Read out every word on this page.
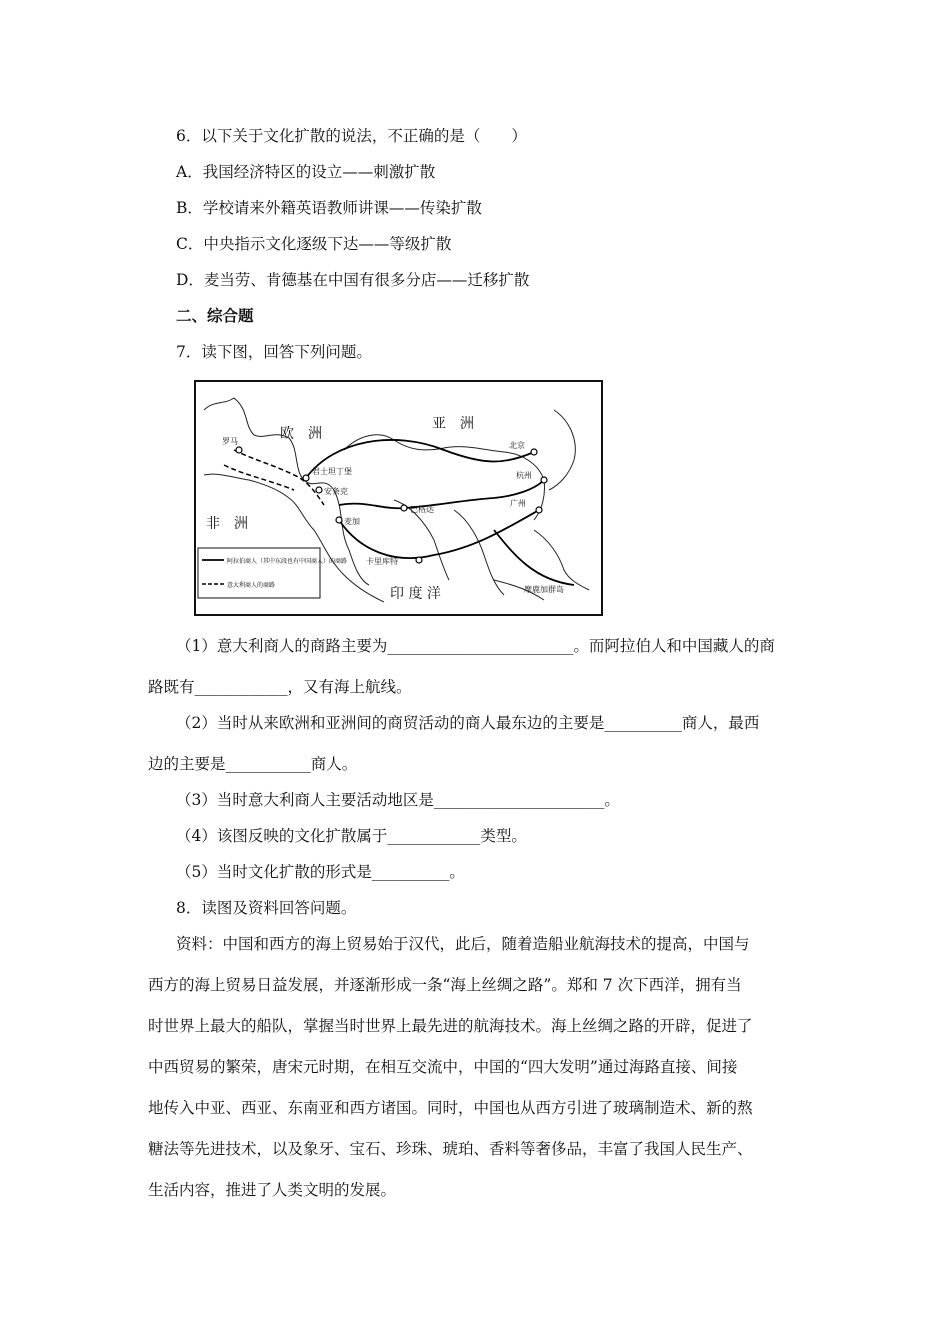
6．以下关于文化扩散的说法，不正确的是（　　）
A．我国经济特区的设立——刺激扩散
B．学校请来外籍英语教师讲课——传染扩散
C．中央指示文化逐级下达——等级扩散
D．麦当劳、肯德基在中国有很多分店——迁移扩散
二、综合题
7．读下图，回答下列问题。
亚　洲
欧　洲
非　洲
印 度 洋
罗马
君士坦丁堡
安条克
巴格达
麦加
北京
杭州
广州
卡里库特
摩鹿加群岛
阿拉伯商人（其中东段也有中国商人）的商路
意大利商人的商路
（1）意大利商人的商路主要为________________________。而阿拉伯人和中国藏人的商
路既有____________，又有海上航线。
（2）当时从来欧洲和亚洲间的商贸活动的商人最东边的主要是__________商人，最西
边的主要是___________商人。
（3）当时意大利商人主要活动地区是______________________。
（4）该图反映的文化扩散属于____________类型。
（5）当时文化扩散的形式是__________。
8．读图及资料回答问题。
资料：中国和西方的海上贸易始于汉代，此后，随着造船业航海技术的提高，中国与
西方的海上贸易日益发展，并逐渐形成一条“海上丝绸之路”。郑和 7 次下西洋，拥有当
时世界上最大的船队，掌握当时世界上最先进的航海技术。海上丝绸之路的开辟，促进了
中西贸易的繁荣，唐宋元时期，在相互交流中，中国的“四大发明”通过海路直接、间接
地传入中亚、西亚、东南亚和西方诸国。同时，中国也从西方引进了玻璃制造术、新的熬
糖法等先进技术，以及象牙、宝石、珍珠、琥珀、香料等奢侈品，丰富了我国人民生产、
生活内容，推进了人类文明的发展。
